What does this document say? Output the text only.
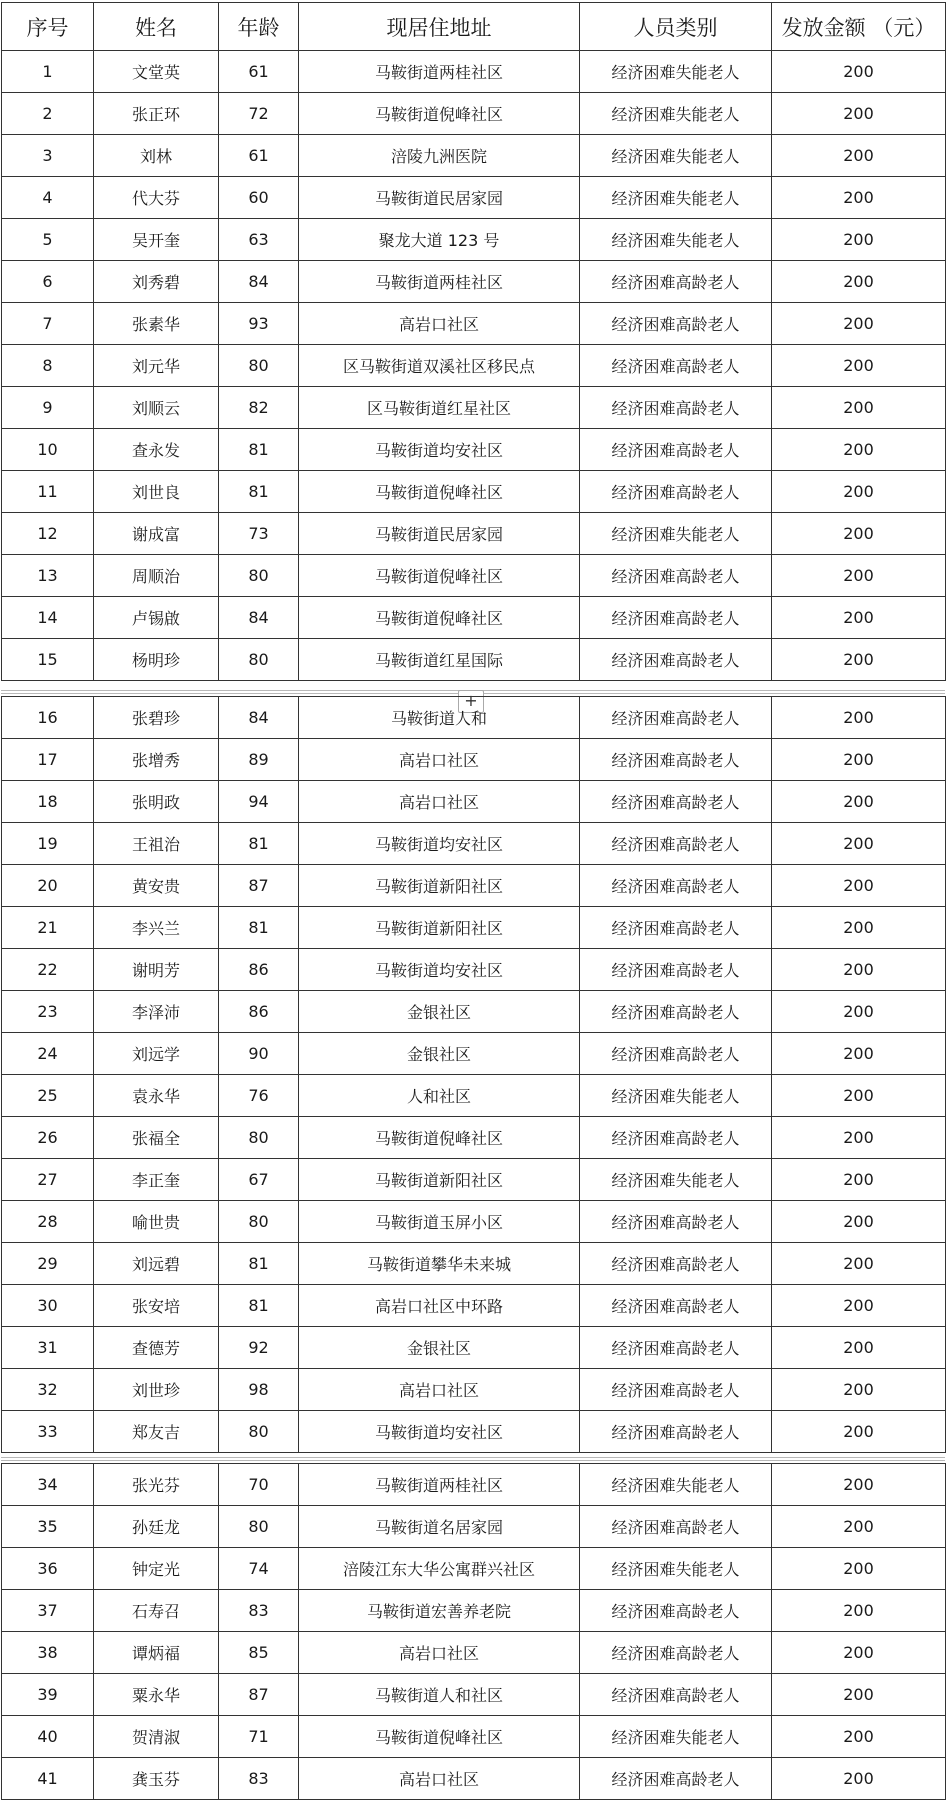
序号	姓名	年龄	现居住地址	人员类别	发放金额 （元）
1	文堂英	61	马鞍街道两桂社区	经济困难失能老人	200
2	张正环	72	马鞍街道倪峰社区	经济困难失能老人	200
3	刘林	61	涪陵九洲医院	经济困难失能老人	200
4	代大芬	60	马鞍街道民居家园	经济困难失能老人	200
5	吴开奎	63	聚龙大道 123 号	经济困难失能老人	200
6	刘秀碧	84	马鞍街道两桂社区	经济困难高龄老人	200
7	张素华	93	高岩口社区	经济困难高龄老人	200
8	刘元华	80	区马鞍街道双溪社区移民点	经济困难高龄老人	200
9	刘顺云	82	区马鞍街道红星社区	经济困难高龄老人	200
10	查永发	81	马鞍街道均安社区	经济困难高龄老人	200
11	刘世良	81	马鞍街道倪峰社区	经济困难高龄老人	200
12	谢成富	73	马鞍街道民居家园	经济困难失能老人	200
13	周顺治	80	马鞍街道倪峰社区	经济困难高龄老人	200
14	卢锡啟	84	马鞍街道倪峰社区	经济困难高龄老人	200
15	杨明珍	80	马鞍街道红星国际	经济困难高龄老人	200
+
16	张碧珍	84	马鞍街道人和	经济困难高龄老人	200
17	张增秀	89	高岩口社区	经济困难高龄老人	200
18	张明政	94	高岩口社区	经济困难高龄老人	200
19	王祖治	81	马鞍街道均安社区	经济困难高龄老人	200
20	黄安贵	87	马鞍街道新阳社区	经济困难高龄老人	200
21	李兴兰	81	马鞍街道新阳社区	经济困难高龄老人	200
22	谢明芳	86	马鞍街道均安社区	经济困难高龄老人	200
23	李泽沛	86	金银社区	经济困难高龄老人	200
24	刘远学	90	金银社区	经济困难高龄老人	200
25	袁永华	76	人和社区	经济困难失能老人	200
26	张福全	80	马鞍街道倪峰社区	经济困难高龄老人	200
27	李正奎	67	马鞍街道新阳社区	经济困难失能老人	200
28	喻世贵	80	马鞍街道玉屏小区	经济困难高龄老人	200
29	刘远碧	81	马鞍街道攀华未来城	经济困难高龄老人	200
30	张安培	81	高岩口社区中环路	经济困难高龄老人	200
31	查德芳	92	金银社区	经济困难高龄老人	200
32	刘世珍	98	高岩口社区	经济困难高龄老人	200
33	郑友吉	80	马鞍街道均安社区	经济困难高龄老人	200
34	张光芬	70	马鞍街道两桂社区	经济困难失能老人	200
35	孙廷龙	80	马鞍街道名居家园	经济困难高龄老人	200
36	钟定光	74	涪陵江东大华公寓群兴社区	经济困难失能老人	200
37	石寿召	83	马鞍街道宏善养老院	经济困难高龄老人	200
38	谭炳福	85	高岩口社区	经济困难高龄老人	200
39	粟永华	87	马鞍街道人和社区	经济困难高龄老人	200
40	贺清淑	71	马鞍街道倪峰社区	经济困难失能老人	200
41	龚玉芬	83	高岩口社区	经济困难高龄老人	200
